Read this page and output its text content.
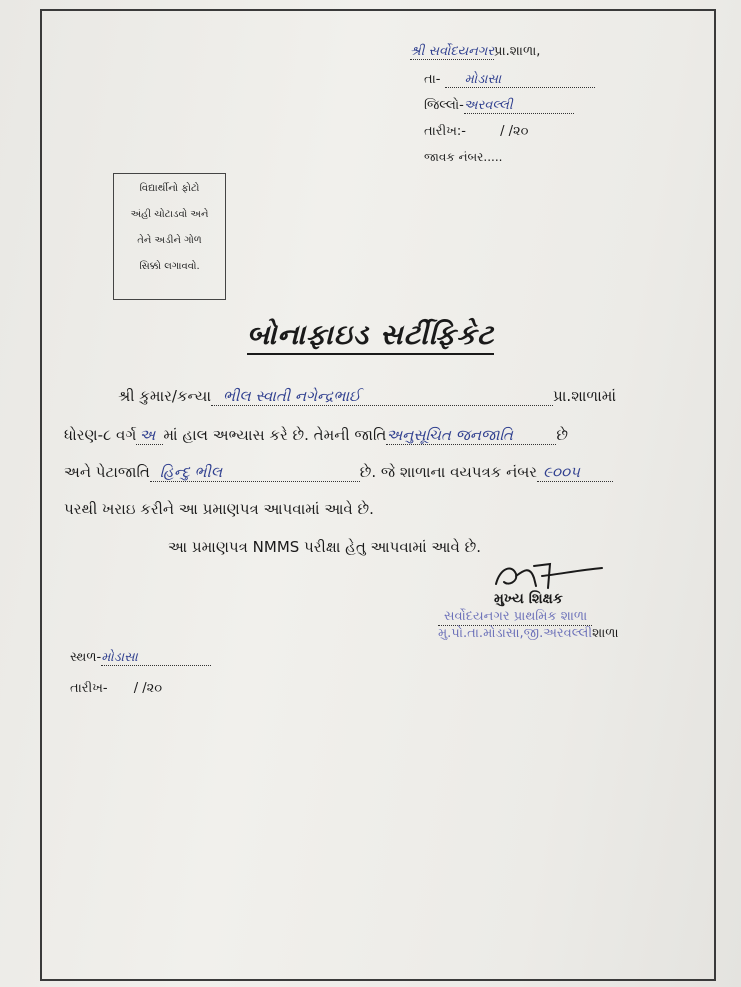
શ્રી સર્વોદયનગરપ્રા.શાળા,
તા- મોડાસા
જિલ્લો-અરવલ્લી
તારીખ:-	/ /૨૦
જાવક નંબર.....
વિદ્યાર્થીનો ફોટો
અંહી ચોટાડવો અને
તેને અડીને ગોળ
સિક્કો લગાવવો.
બોનાફાઇડ સર્ટીફિકેટ
શ્રી કુમાર/કન્યા ભીલ સ્વાતી નગેન્દ્રભાઈ	પ્રા.શાળામાં
ધોરણ-૮ વર્ગ અ માં હાલ અભ્યાસ કરે છે. તેમની જાતિઅનુસૂચિત જનજાતિ	છે
અને પેટાજાતિ હિન્દુ ભીલ	છે. જે શાળાના વયપત્રક નંબર ૯૦૦૫
પરથી ખરાઇ કરીને આ પ્રમાણપત્ર આપવામાં આવે છે.
આ પ્રમાણપત્ર NMMS પરીક્ષા હેતુ આપવામાં આવે છે.
મુખ્ય શિક્ષક
સર્વોદયનગર પ્રાથમિક શાળા
મુ.પો.તા.મોડાસા,જી.અરવલ્લીશાળા
સ્થળ-મોડાસા
તારીખ- / /૨૦
